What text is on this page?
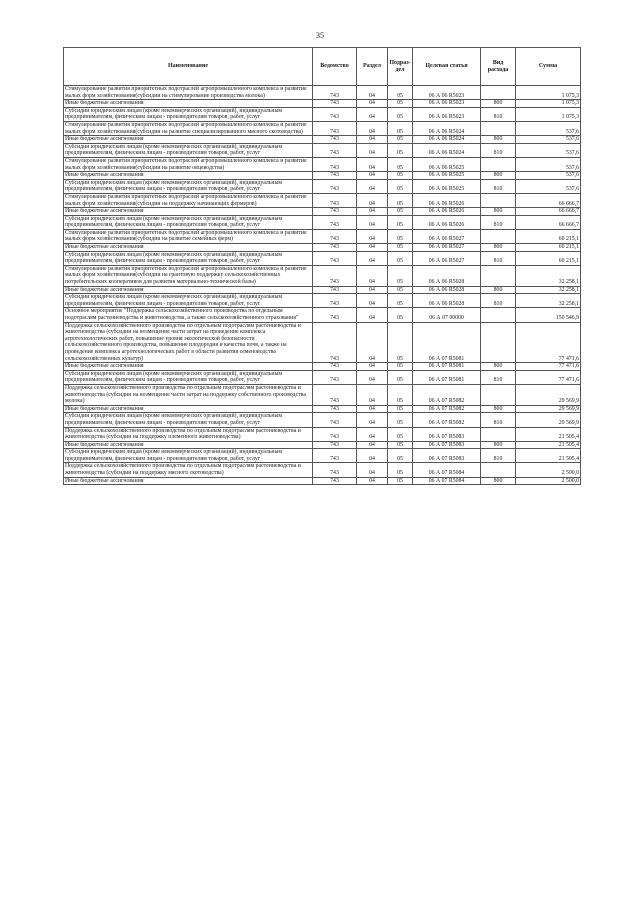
35
Наименование	Ведомство	Раздел	Подраз-дел	Целевая статья	Вид расхода	Сумма
Стимулирование развития приоритетных подотраслей агропромышленного комплекса и развитие малых форм хозяйствования(субсидии на стимулирование производства молока)	743	04	05	06 А 06 R5023		1 075,3
Иные бюджетные ассигнования	743	04	05	06 А 06 R5023	800	1 075,3
Субсидии юридическим лицам (кроме некоммерческих организаций), индивидуальным предпринимателям, физическим лицам - производителям товаров, работ, услуг	743	04	05	06 А 06 R5023	810	1 075,3
Стимулирование развития приоритетных подотраслей агропромышленного комплекса и развитие малых форм хозяйствования(субсидии на развитие специализированного мясного скотоводства)	743	04	05	06 А 06 R5024		537,6
Иные бюджетные ассигнования	743	04	05	06 А 06 R5024	800	537,6
Субсидии юридическим лицам (кроме некоммерческих организаций), индивидуальным предпринимателям, физическим лицам - производителям товаров, работ, услуг	743	04	05	06 А 06 R5024	810	537,6
Стимулирование развития приоритетных подотраслей агропромышленного комплекса и развитие малых форм хозяйствования(субсидии на развитие овцеводства)	743	04	05	06 А 06 R5025		537,6
Иные бюджетные ассигнования	743	04	05	06 А 06 R5025	800	537,6
Субсидии юридическим лицам (кроме некоммерческих организаций), индивидуальным предпринимателям, физическим лицам - производителям товаров, работ, услуг	743	04	05	06 А 06 R5025	810	537,6
Стимулирование развития приоритетных подотраслей агропромышленного комплекса и развитие малых форм хозяйствования(субсидии на поддержку начинающих фермеров)	743	04	05	06 А 06 R5026		66 666,7
Иные бюджетные ассигнования	743	04	05	06 А 06 R5026	800	66 666,7
Субсидии юридическим лицам (кроме некоммерческих организаций), индивидуальным предпринимателям, физическим лицам - производителям товаров, работ, услуг	743	04	05	06 А 06 R5026	810	66 666,7
Стимулирование развития приоритетных подотраслей агропромышленного комплекса и развитие малых форм хозяйствования(субсидии на развитие семейных ферм)	743	04	05	06 А 06 R5027		60 215,1
Иные бюджетные ассигнования	743	04	05	06 А 06 R5027	800	60 215,1
Субсидии юридическим лицам (кроме некоммерческих организаций), индивидуальным предпринимателям, физическим лицам - производителям товаров, работ, услуг	743	04	05	06 А 06 R5027	810	60 215,1
Стимулирование развития приоритетных подотраслей агропромышленного комплекса и развитие малых форм хозяйствования(субсидии на грантовую поддержку сельскохозяйственных потребительских кооперативов для развития материально-технической базы)	743	04	05	06 А 06 R5028		32 258,1
Иные бюджетные ассигнования	743	04	05	06 А 06 R5028	800	32 258,1
Субсидии юридическим лицам (кроме некоммерческих организаций), индивидуальным предпринимателям, физическим лицам - производителям товаров, работ, услуг	743	04	05	06 А 06 R5028	810	32 258,1
Основное мероприятие "Поддержка сельскохозяйственного производства по отдельным подотраслям растениеводства и животноводства, а также сельскохозяйственного страхования"	743	04	05	06 А 07 00000		150 546,9
Поддержка сельскохозяйственного производства по отдельным подотраслям растениеводства и животноводства (субсидии на возмещение части затрат на проведение комплекса агротехнологических работ, повышение уровня экологической безопасности сельскохозяйственного производства, повышение плодородия и качества почв, а также на проведение комплекса агротехнологических работ в области развития семеноводства сельскохозяйственных культур)	743	04	05	06 А 07 R5081		77 471,6
Иные бюджетные ассигнования	743	04	05	06 А 07 R5081	800	77 471,6
Субсидии юридическим лицам (кроме некоммерческих организаций), индивидуальным предпринимателям, физическим лицам - производителям товаров, работ, услуг	743	04	05	06 А 07 R5081	810	77 471,6
Поддержка сельскохозяйственного производства по отдельным подотраслям растениеводства и животноводства (субсидии на возмещение части затрат на поддержку собственного производства молока)	743	04	05	06 А 07 R5082		29 569,9
Иные бюджетные ассигнования	743	04	05	06 А 07 R5082	800	29 569,9
Субсидии юридическим лицам (кроме некоммерческих организаций), индивидуальным предпринимателям, физическим лицам - производителям товаров, работ, услуг	743	04	05	06 А 07 R5082	810	29 569,9
Поддержка сельскохозяйственного производства по отдельным подотраслям растениеводства и животноводства (субсидии на поддержку племенного животноводства)	743	04	05	06 А 07 R5083		21 505,4
Иные бюджетные ассигнования	743	04	05	06 А 07 R5083	800	21 505,4
Субсидии юридическим лицам (кроме некоммерческих организаций), индивидуальным предпринимателям, физическим лицам - производителям товаров, работ, услуг	743	04	05	06 А 07 R5083	810	21 505,4
Поддержка сельскохозяйственного производства по отдельным подотраслям растениеводства и животноводства (субсидии на поддержку мясного скотоводства)	743	04	05	06 А 07 R5084		2 500,0
Иные бюджетные ассигнования	743	04	05	06 А 07 R5084	800	2 500,0
